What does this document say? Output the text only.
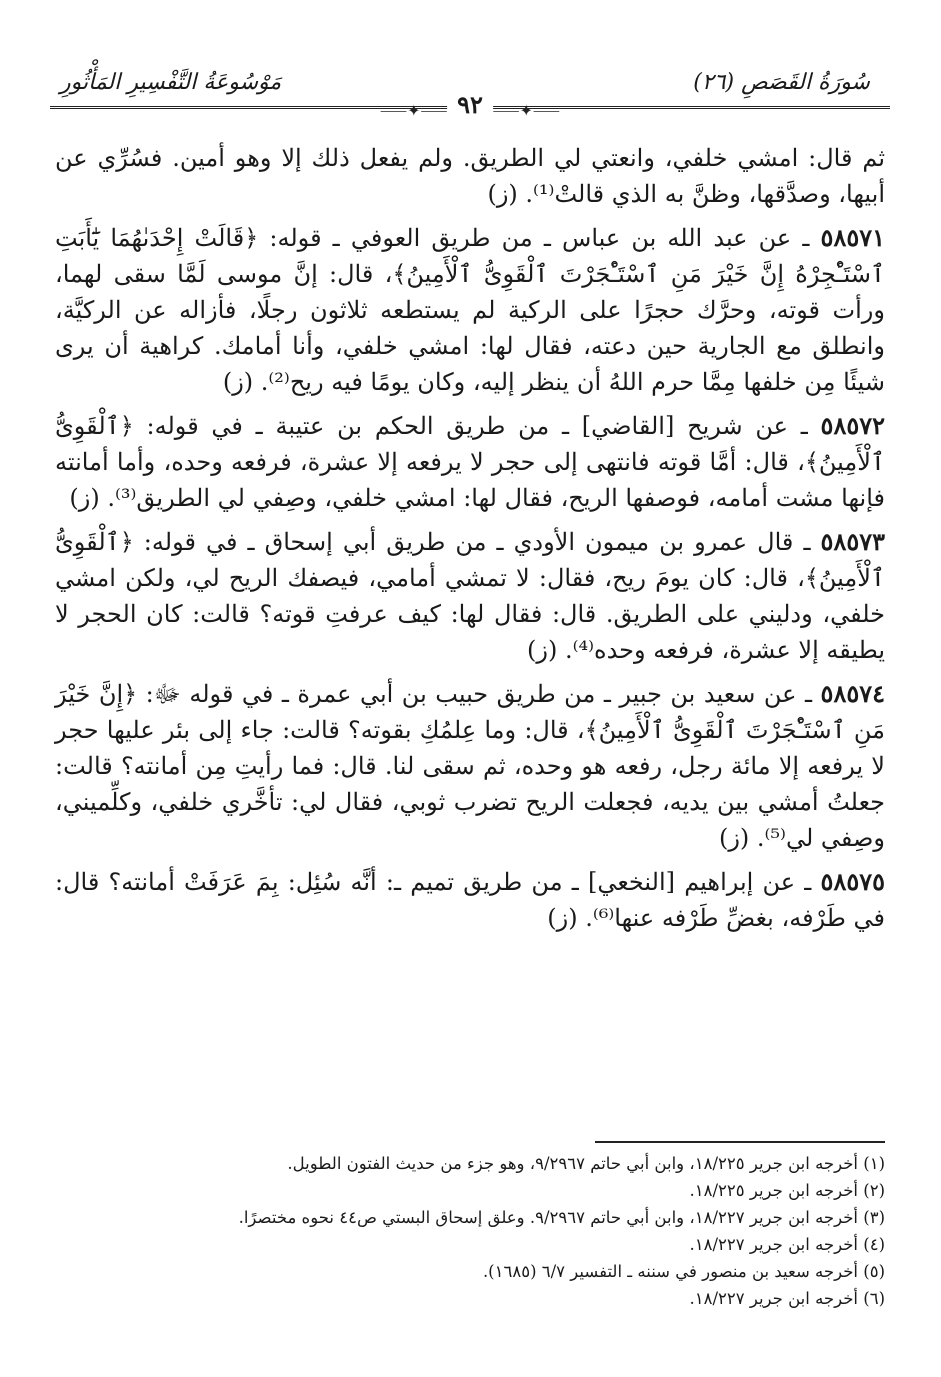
مَوْسُوعَةُ التَّفْسِيرِ المَأْثُورِ	سُورَةُ القَصَصِ (٢٦)
⸺✦⸺	⸺✦⸺
٩٢

ثم قال: امشي خلفي، وانعتي لي الطريق. ولم يفعل ذلك إلا وهو أمين. فسُرِّي عن أبيها، وصدَّقها، وظنَّ به الذي قالتْ⁽¹⁾. (ز)

٥٨٥٧١ ـ عن عبد الله بن عباس ـ من طريق العوفي ـ قوله: ﴿قَالَتْ إِحْدَىٰهُمَا يَٰٓأَبَتِ ٱسْتَـْٔجِرْهُ إِنَّ خَيْرَ مَنِ ٱسْتَـْٔجَرْتَ ٱلْقَوِىُّ ٱلْأَمِينُ﴾، قال: إنَّ موسى لَمَّا سقى لهما، ورأت قوته، وحرَّك حجرًا على الركية لم يستطعه ثلاثون رجلًا، فأزاله عن الركيَّة، وانطلق مع الجارية حين دعته، فقال لها: امشي خلفي، وأنا أمامك. كراهية أن يرى شيئًا مِن خلفها مِمَّا حرم اللهُ أن ينظر إليه، وكان يومًا فيه ريح⁽²⁾. (ز)

٥٨٥٧٢ ـ عن شريح [القاضي] ـ من طريق الحكم بن عتيبة ـ في قوله: ﴿ٱلْقَوِىُّ ٱلْأَمِينُ﴾، قال: أمَّا قوته فانتهى إلى حجر لا يرفعه إلا عشرة، فرفعه وحده، وأما أمانته فإنها مشت أمامه، فوصفها الريح، فقال لها: امشي خلفي، وصِفي لي الطريق⁽³⁾. (ز)

٥٨٥٧٣ ـ قال عمرو بن ميمون الأودي ـ من طريق أبي إسحاق ـ في قوله: ﴿ٱلْقَوِىُّ ٱلْأَمِينُ﴾، قال: كان يومَ ريح، فقال: لا تمشي أمامي، فيصفك الريح لي، ولكن امشي خلفي، ودليني على الطريق. قال: فقال لها: كيف عرفتِ قوته؟ قالت: كان الحجر لا يطيقه إلا عشرة، فرفعه وحده⁽⁴⁾. (ز)

٥٨٥٧٤ ـ عن سعيد بن جبير ـ من طريق حبيب بن أبي عمرة ـ في قوله ﷻ: ﴿إِنَّ خَيْرَ مَنِ ٱسْتَـْٔجَرْتَ ٱلْقَوِىُّ ٱلْأَمِينُ﴾، قال: وما عِلمُكِ بقوته؟ قالت: جاء إلى بئر عليها حجر لا يرفعه إلا مائة رجل، رفعه هو وحده، ثم سقى لنا. قال: فما رأيتِ مِن أمانته؟ قالت: جعلتُ أمشي بين يديه، فجعلت الريح تضرب ثوبي، فقال لي: تأخَّري خلفي، وكلِّميني، وصِفي لي⁽⁵⁾. (ز)

٥٨٥٧٥ ـ عن إبراهيم [النخعي] ـ من طريق تميم ـ: أنَّه سُئِل: بِمَ عَرَفَتْ أمانته؟ قال: في طَرْفه، بغضِّ طَرْفه عنها⁽⁶⁾. (ز)

(١) أخرجه ابن جرير ١٨/٢٢٥، وابن أبي حاتم ٩/٢٩٦٧، وهو جزء من حديث الفتون الطويل.

(٢) أخرجه ابن جرير ١٨/٢٢٥.

(٣) أخرجه ابن جرير ١٨/٢٢٧، وابن أبي حاتم ٩/٢٩٦٧. وعلق إسحاق البستي ص٤٤ نحوه مختصرًا.

(٤) أخرجه ابن جرير ١٨/٢٢٧.

(٥) أخرجه سعيد بن منصور في سننه ـ التفسير ٦/٧ (١٦٨٥).

(٦) أخرجه ابن جرير ١٨/٢٢٧.
